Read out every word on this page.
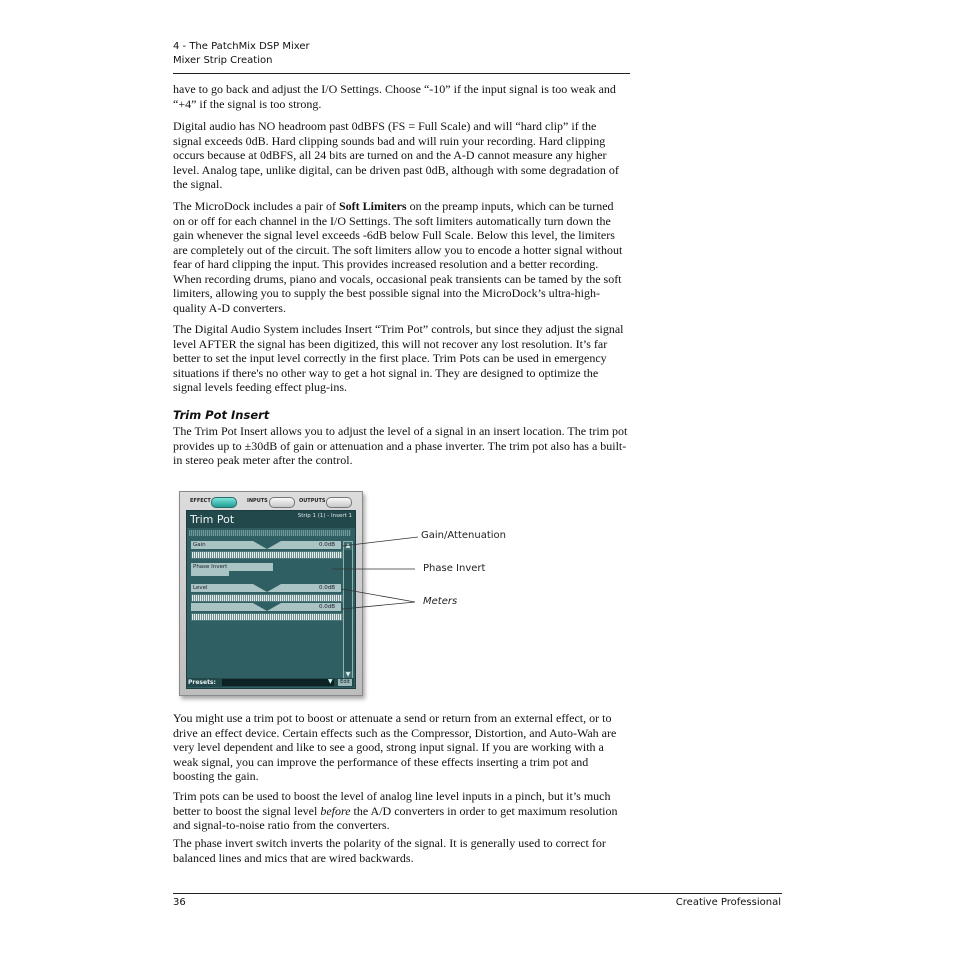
4 - The PatchMix DSP Mixer
Mixer Strip Creation

have to go back and adjust the I/O Settings. Choose “-10” if the input signal is too weak and “+4” if the signal is too strong.

Digital audio has NO headroom past 0dBFS (FS = Full Scale) and will “hard clip” if the signal exceeds 0dB. Hard clipping sounds bad and will ruin your recording. Hard clipping occurs because at 0dBFS, all 24 bits are turned on and the A-D cannot measure any higher level. Analog tape, unlike digital, can be driven past 0dB, although with some degradation of the signal.

The MicroDock includes a pair of Soft Limiters on the preamp inputs, which can be turned on or off for each channel in the I/O Settings. The soft limiters automatically turn down the gain whenever the signal level exceeds -6dB below Full Scale. Below this level, the limiters are completely out of the circuit. The soft limiters allow you to encode a hotter signal without fear of hard clipping the input. This provides increased resolution and a better recording. When recording drums, piano and vocals, occasional peak transients can be tamed by the soft limiters, allowing you to supply the best possible signal into the MicroDock’s ultra-high-quality A-D converters.

The Digital Audio System includes Insert “Trim Pot” controls, but since they adjust the signal level AFTER the signal has been digitized, this will not recover any lost resolution. It’s far better to set the input level correctly in the first place. Trim Pots can be used in emergency situations if there's no other way to get a hot signal in. They are designed to optimize the signal levels feeding effect plug-ins.

Trim Pot Insert

The Trim Pot Insert allows you to adjust the level of a signal in an insert location. The trim pot provides up to ±30dB of gain or attenuation and a phase inverter. The trim pot also has a built-in stereo peak meter after the control.

EFFECT	INPUTS	OUTPUTS
Trim Pot	Strip 1 (1) - Insert 1
Gain	0.0dB
Phase Invert
Level	0.0dB
0.0dB
▼
Presets:	▼	Edit
Gain/Attenuation
Phase Invert
Meters

You might use a trim pot to boost or attenuate a send or return from an external effect, or to drive an effect device. Certain effects such as the Compressor, Distortion, and Auto-Wah are very level dependent and like to see a good, strong input signal. If you are working with a weak signal, you can improve the performance of these effects inserting a trim pot and boosting the gain.

Trim pots can be used to boost the level of analog line level inputs in a pinch, but it’s much better to boost the signal level before the A/D converters in order to get maximum resolution and signal-to-noise ratio from the converters.

The phase invert switch inverts the polarity of the signal. It is generally used to correct for balanced lines and mics that are wired backwards.

36	Creative Professional
